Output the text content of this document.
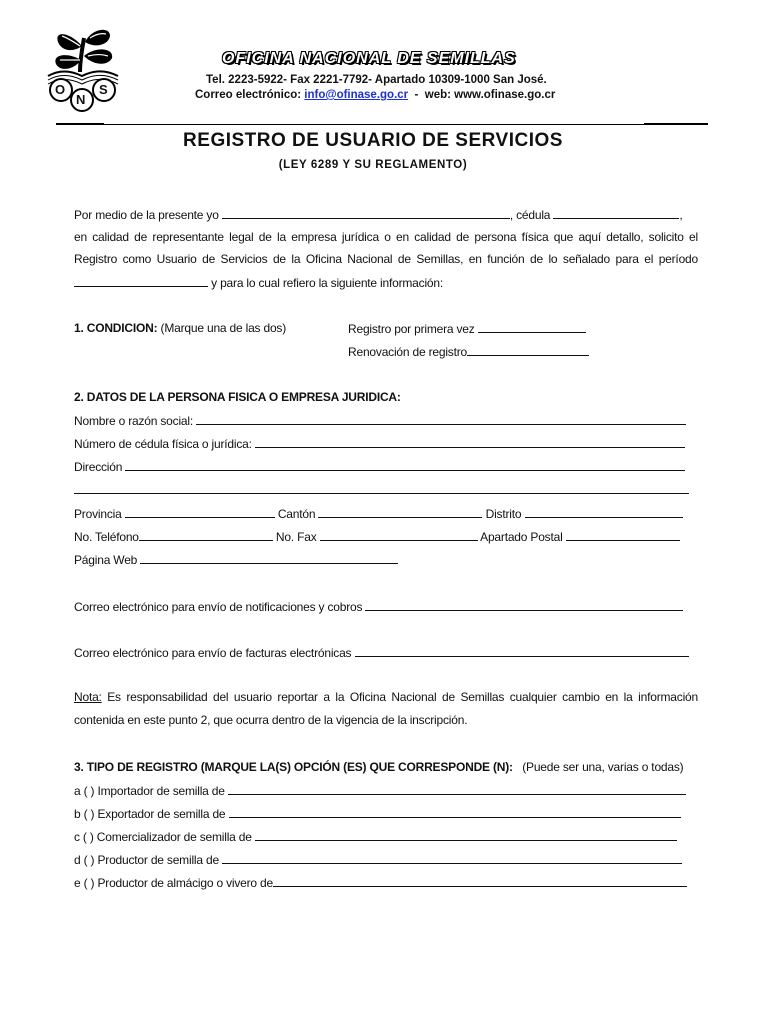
O
N
S
OFICINA NACIONAL DE SEMILLAS
Tel. 2223-5922- Fax 2221-7792- Apartado 10309-1000 San José.
Correo electrónico: info@ofinase.go.cr - web: www.ofinase.go.cr
REGISTRO DE USUARIO DE SERVICIOS
(LEY 6289 Y SU REGLAMENTO)
Por medio de la presente yo	, cédula	,
en calidad de representante legal de la empresa jurídica o en calidad de persona física que aquí detallo, solicito el
Registro como Usuario de Servicios de la Oficina Nacional de Semillas, en función de lo señalado para el período
y para lo cual refiero la siguiente información:
1. CONDICION: (Marque una de las dos)	Registro por primera vez
Renovación de registro
2. DATOS DE LA PERSONA FISICA O EMPRESA JURIDICA:
Nombre o razón social:
Número de cédula física o jurídica:
Dirección
Provincia	Cantón	Distrito
No. Teléfono	No. Fax	Apartado Postal
Página Web
Correo electrónico para envío de notificaciones y cobros
Correo electrónico para envío de facturas electrónicas
Nota: Es responsabilidad del usuario reportar a la Oficina Nacional de Semillas cualquier cambio en la información
contenida en este punto 2, que ocurra dentro de la vigencia de la inscripción.
3. TIPO DE REGISTRO (MARQUE LA(S) OPCIÓN (ES) QUE CORRESPONDE (N): (Puede ser una, varias o todas)
a ( ) Importador de semilla de
b ( ) Exportador de semilla de
c ( ) Comercializador de semilla de
d ( ) Productor de semilla de
e ( ) Productor de almácigo o vivero de
